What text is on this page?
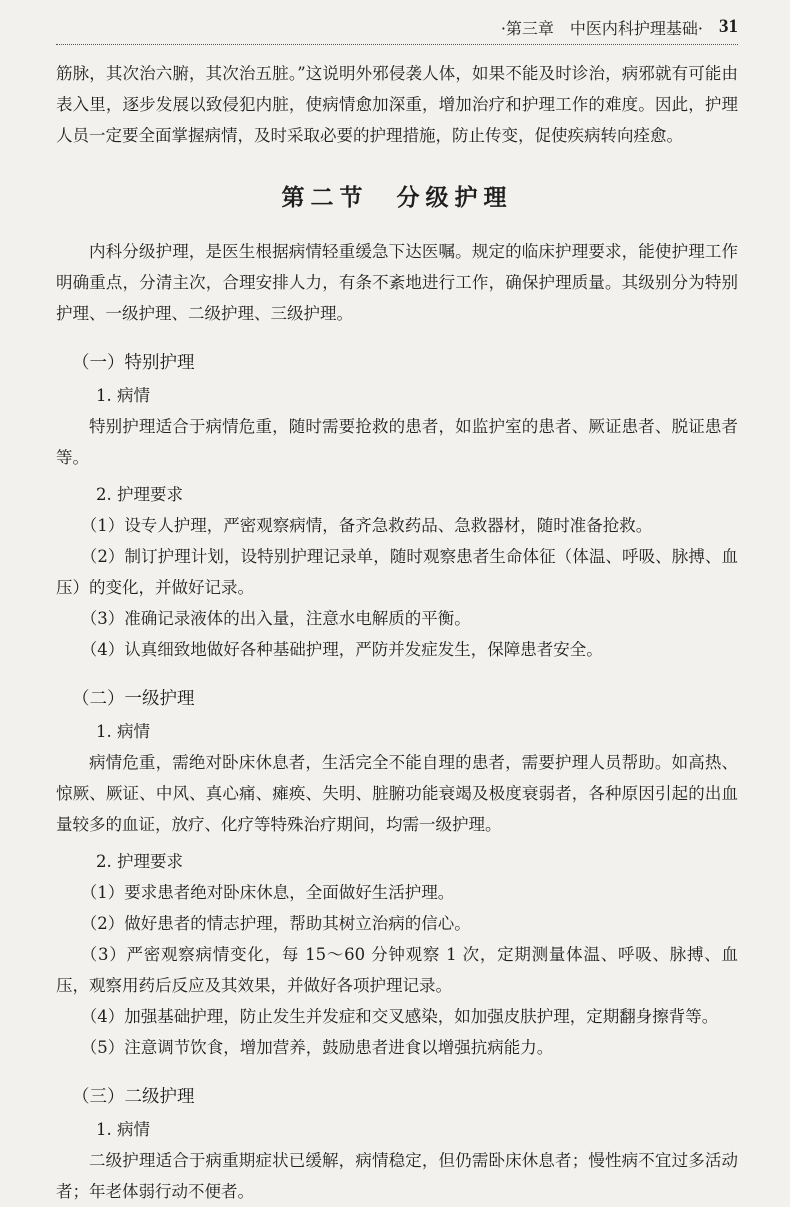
·第三章 中医内科护理基础· 31

筋脉，其次治六腑，其次治五脏。”这说明外邪侵袭人体，如果不能及时诊治，病邪就有可能由表入里，逐步发展以致侵犯内脏，使病情愈加深重，增加治疗和护理工作的难度。因此，护理人员一定要全面掌握病情，及时采取必要的护理措施，防止传变，促使疾病转向痊愈。

第二节 分级护理

内科分级护理，是医生根据病情轻重缓急下达医嘱。规定的临床护理要求，能使护理工作明确重点，分清主次，合理安排人力，有条不紊地进行工作，确保护理质量。其级别分为特别护理、一级护理、二级护理、三级护理。

（一）特别护理

1. 病情

特别护理适合于病情危重，随时需要抢救的患者，如监护室的患者、厥证患者、脱证患者等。

2. 护理要求

（1）设专人护理，严密观察病情，备齐急救药品、急救器材，随时准备抢救。

（2）制订护理计划，设特别护理记录单，随时观察患者生命体征（体温、呼吸、脉搏、血压）的变化，并做好记录。

（3）准确记录液体的出入量，注意水电解质的平衡。

（4）认真细致地做好各种基础护理，严防并发症发生，保障患者安全。

（二）一级护理

1. 病情

病情危重，需绝对卧床休息者，生活完全不能自理的患者，需要护理人员帮助。如高热、惊厥、厥证、中风、真心痛、瘫痪、失明、脏腑功能衰竭及极度衰弱者，各种原因引起的出血量较多的血证，放疗、化疗等特殊治疗期间，均需一级护理。

2. 护理要求

（1）要求患者绝对卧床休息，全面做好生活护理。

（2）做好患者的情志护理，帮助其树立治病的信心。

（3）严密观察病情变化，每 15～60 分钟观察 1 次，定期测量体温、呼吸、脉搏、血压，观察用药后反应及其效果，并做好各项护理记录。

（4）加强基础护理，防止发生并发症和交叉感染，如加强皮肤护理，定期翻身擦背等。

（5）注意调节饮食，增加营养，鼓励患者进食以增强抗病能力。

（三）二级护理

1. 病情

二级护理适合于病重期症状已缓解，病情稳定，但仍需卧床休息者；慢性病不宜过多活动者；年老体弱行动不便者。
